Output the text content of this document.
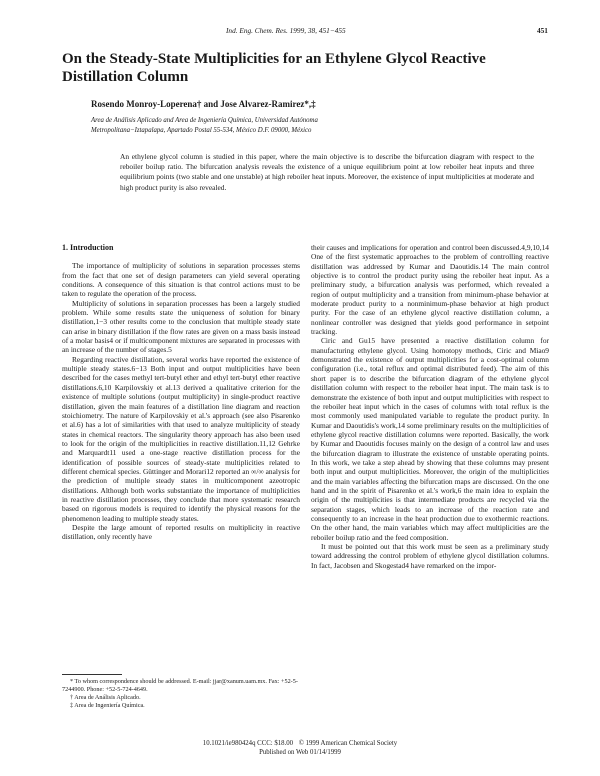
Ind. Eng. Chem. Res. 1999, 38, 451−455	451
On the Steady-State Multiplicities for an Ethylene Glycol Reactive Distillation Column
Rosendo Monroy-Loperena† and Jose Alvarez-Ramirez*,‡
Area de Análisis Aplicado and Area de Ingeniería Química, Universidad Autónoma
Metropolitana−Iztapalapa, Apartado Postal 55-534, México D.F. 09000, México
An ethylene glycol column is studied in this paper, where the main objective is to describe the bifurcation diagram with respect to the reboiler boilup ratio. The bifurcation analysis reveals the existence of a unique equilibrium point at low reboiler heat inputs and three equilibrium points (two stable and one unstable) at high reboiler heat inputs. Moreover, the existence of input multiplicities at moderate and high product purity is also revealed.
1. Introduction

The importance of multiplicity of solutions in separation processes stems from the fact that one set of design parameters can yield several operating conditions. A consequence of this situation is that control actions must to be taken to regulate the operation of the process.

Multiplicity of solutions in separation processes has been a largely studied problem. While some results state the uniqueness of solution for binary distillation,1−3 other results come to the conclusion that multiple steady state can arise in binary distillation if the flow rates are given on a mass basis instead of a molar basis4 or if multicomponent mixtures are separated in processes with an increase of the number of stages.5

Regarding reactive distillation, several works have reported the existence of multiple steady states.6−13 Both input and output multiplicities have been described for the cases methyl tert-butyl ether and ethyl tert-butyl ether reactive distillations.6,10 Karpilovskiy et al.13 derived a qualitative criterion for the existence of multiple solutions (output multiplicity) in single-product reactive distillation, given the main features of a distillation line diagram and reaction stoichiometry. The nature of Karpilovskiy et al.'s approach (see also Pisarenko et al.6) has a lot of similarities with that used to analyze multiplicity of steady states in chemical reactors. The singularity theory approach has also been used to look for the origin of the multiplicities in reactive distillation.11,12 Gehrke and Marquardt11 used a one-stage reactive distillation process for the identification of possible sources of steady-state multiplicities related to different chemical species. Güttinger and Morari12 reported an ∞/∞ analysis for the prediction of multiple steady states in multicomponent azeotropic distillations. Although both works substantiate the importance of multiplicities in reactive distillation processes, they conclude that more systematic research based on rigorous models is required to identify the physical reasons for the phenomenon leading to multiple steady states.

Despite the large amount of reported results on multiplicity in reactive distillation, only recently have

their causes and implications for operation and control been discussed.4,9,10,14 One of the first systematic approaches to the problem of controlling reactive distillation was addressed by Kumar and Daoutidis.14 The main control objective is to control the product purity using the reboiler heat input. As a preliminary study, a bifurcation analysis was performed, which revealed a region of output multiplicity and a transition from minimum-phase behavior at moderate product purity to a nonminimum-phase behavior at high product purity. For the case of an ethylene glycol reactive distillation column, a nonlinear controller was designed that yields good performance in setpoint tracking.

Ciric and Gu15 have presented a reactive distillation column for manufacturing ethylene glycol. Using homotopy methods, Ciric and Miao9 demonstrated the existence of output multiplicities for a cost-optimal column configuration (i.e., total reflux and optimal distributed feed). The aim of this short paper is to describe the bifurcation diagram of the ethylene glycol distillation column with respect to the reboiler heat input. The main task is to demonstrate the existence of both input and output multiplicities with respect to the reboiler heat input which in the cases of columns with total reflux is the most commonly used manipulated variable to regulate the product purity. In Kumar and Daoutidis's work,14 some preliminary results on the multiplicities of ethylene glycol reactive distillation columns were reported. Basically, the work by Kumar and Daoutidis focuses mainly on the design of a control law and uses the bifurcation diagram to illustrate the existence of unstable operating points. In this work, we take a step ahead by showing that these columns may present both input and output multiplicities. Moreover, the origin of the multiplicities and the main variables affecting the bifurcation maps are discussed. On the one hand and in the spirit of Pisarenko et al.'s work,6 the main idea to explain the origin of the multiplicities is that intermediate products are recycled via the separation stages, which leads to an increase of the reaction rate and consequently to an increase in the heat production due to exothermic reactions. On the other hand, the main variables which may affect multiplicities are the reboiler boilup ratio and the feed composition.

It must be pointed out that this work must be seen as a preliminary study toward addressing the control problem of ethylene glycol distillation columns. In fact, Jacobsen and Skogestad4 have remarked on the impor-

* To whom correspondence should be addressed. E-mail: jjar@xanum.uam.mx. Fax: +52-5-7244900. Phone: +52-5-724-4649.
† Area de Análisis Aplicado.
‡ Area de Ingeniería Química.
10.1021/ie980424q CCC: $18.00 © 1999 American Chemical Society
Published on Web 01/14/1999
